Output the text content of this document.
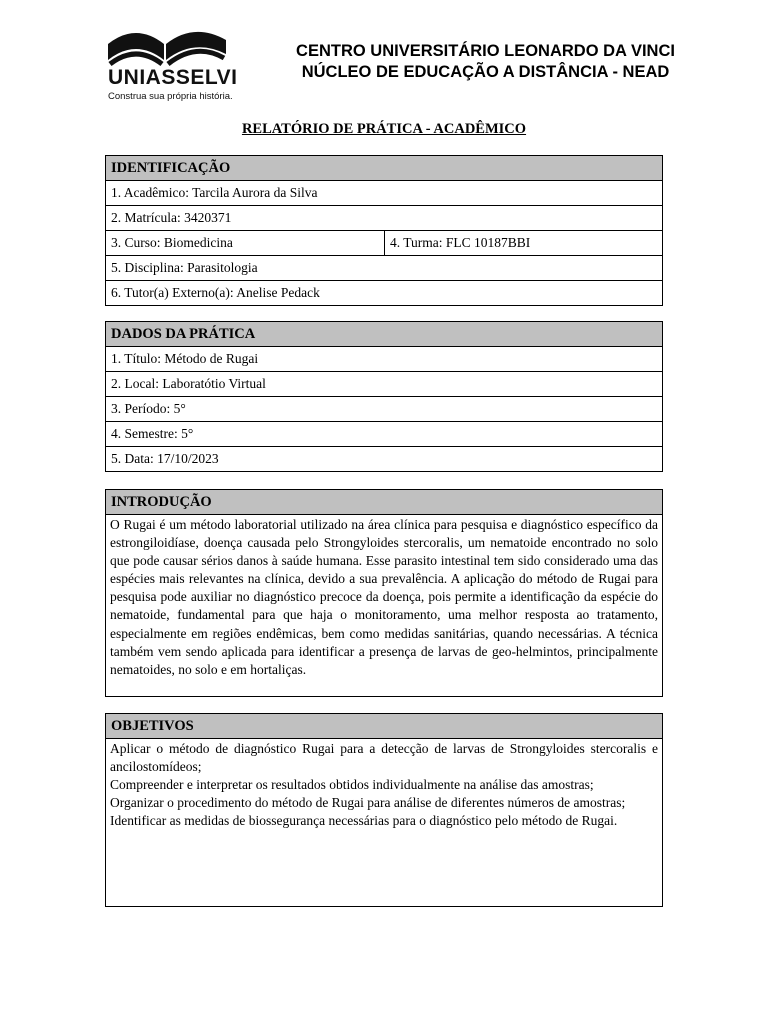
UNIASSELVI
Construa sua própria história.
CENTRO UNIVERSITÁRIO LEONARDO DA VINCI
NÚCLEO DE EDUCAÇÃO A DISTÂNCIA - NEAD
RELATÓRIO DE PRÁTICA - ACADÊMICO
IDENTIFICAÇÃO
1. Acadêmico: Tarcila Aurora da Silva
2. Matrícula: 3420371
3. Curso: Biomedicina	4. Turma: FLC 10187BBI
5. Disciplina: Parasitologia
6. Tutor(a) Externo(a): Anelise Pedack
DADOS DA PRÁTICA
1. Título: Método de Rugai
2. Local: Laboratótio Virtual
3. Período: 5°
4. Semestre: 5°
5. Data: 17/10/2023
INTRODUÇÃO
O Rugai é um método laboratorial utilizado na área clínica para pesquisa e diagnóstico específico da estrongiloidíase, doença causada pelo Strongyloides stercoralis, um nematoide encontrado no solo que pode causar sérios danos à saúde humana. Esse parasito intestinal tem sido considerado uma das espécies mais relevantes na clínica, devido a sua prevalência. A aplicação do método de Rugai para pesquisa pode auxiliar no diagnóstico precoce da doença, pois permite a identificação da espécie do nematoide, fundamental para que haja o monitoramento, uma melhor resposta ao tratamento, especialmente em regiões endêmicas, bem como medidas sanitárias, quando necessárias. A técnica também vem sendo aplicada para identificar a presença de larvas de geo-helmintos, principalmente nematoides, no solo e em hortaliças.
OBJETIVOS

Aplicar o método de diagnóstico Rugai para a detecção de larvas de Strongyloides stercoralis e ancilostomídeos;

Compreender e interpretar os resultados obtidos individualmente na análise das amostras;

Organizar o procedimento do método de Rugai para análise de diferentes números de amostras;

Identificar as medidas de biossegurança necessárias para o diagnóstico pelo método de Rugai.
